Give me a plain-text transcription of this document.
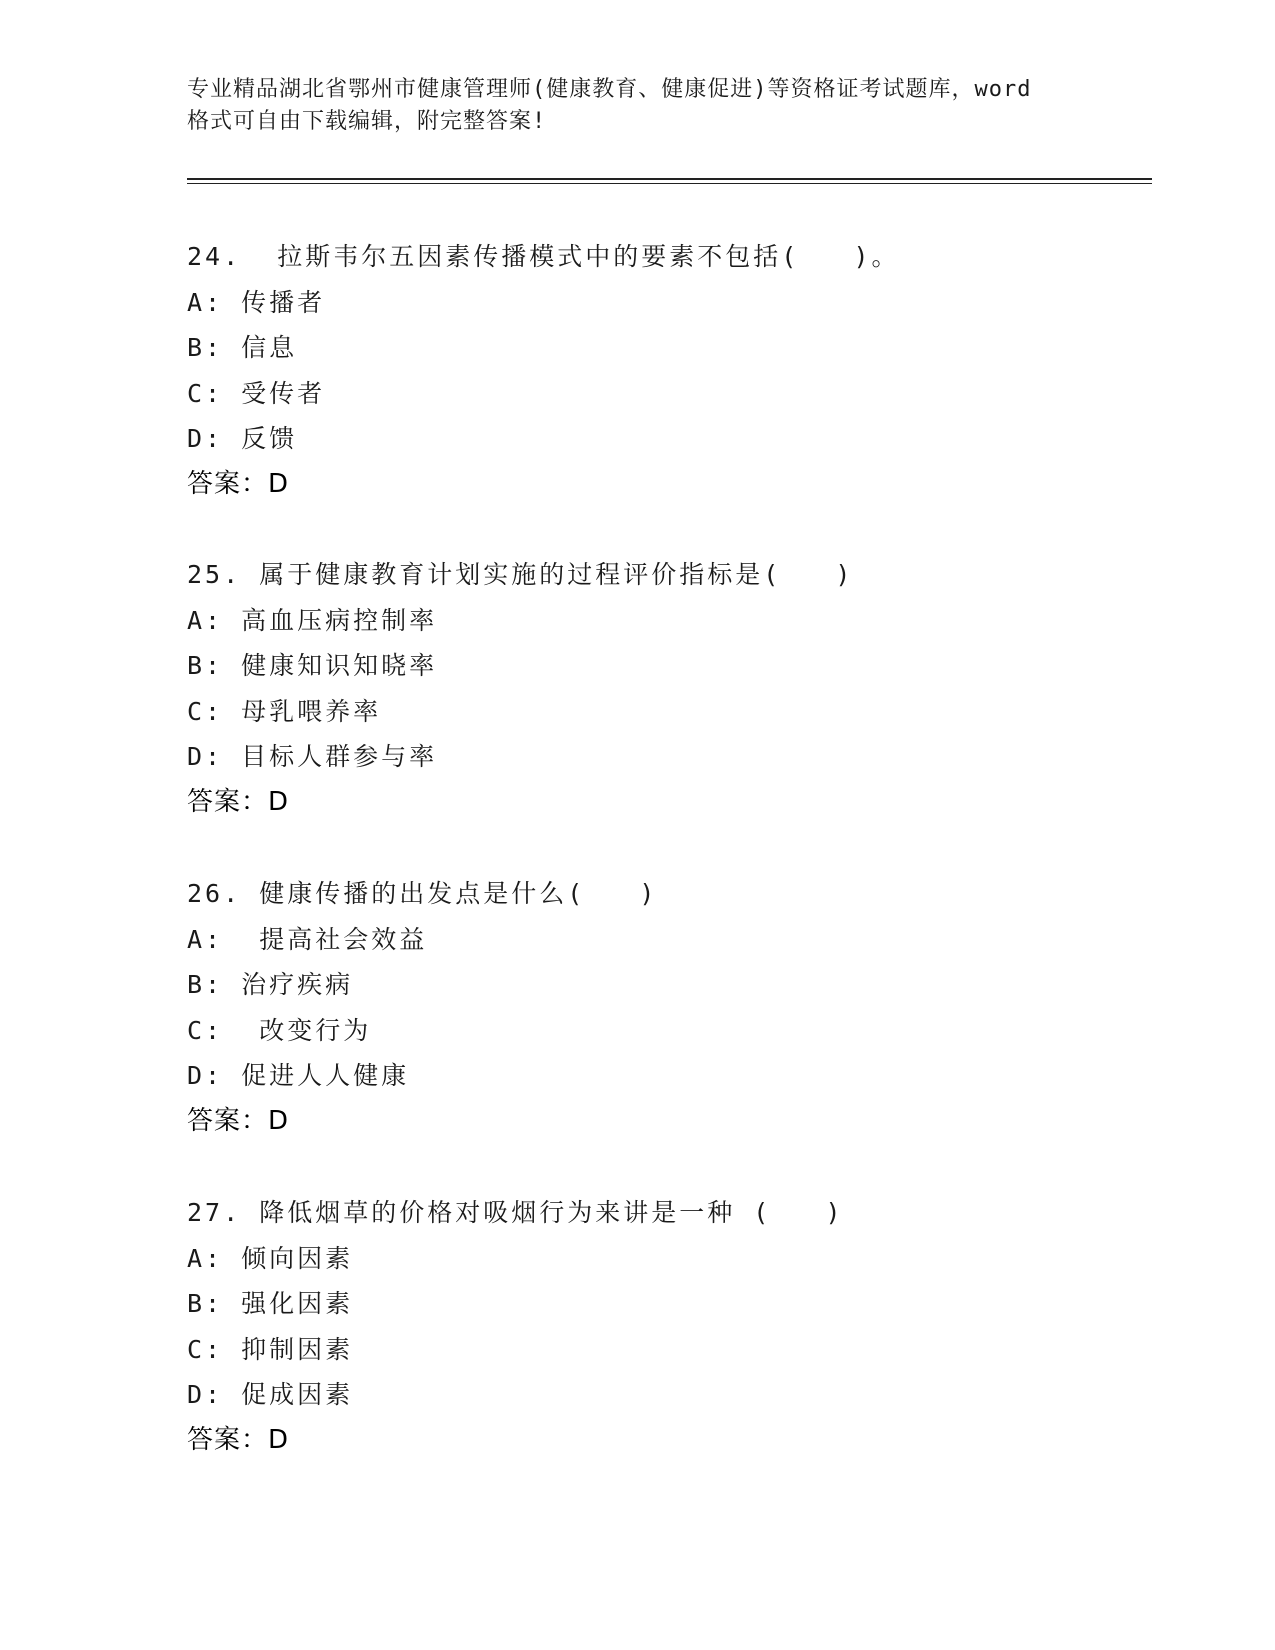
专业精品湖北省鄂州市健康管理师(健康教育、健康促进)等资格证考试题库，word
格式可自由下载编辑，附完整答案!
24.  拉斯韦尔五因素传播模式中的要素不包括(   )。
A: 传播者
B: 信息
C: 受传者
D: 反馈
答案：D
25. 属于健康教育计划实施的过程评价指标是(   )
A: 高血压病控制率
B: 健康知识知晓率
C: 母乳喂养率
D: 目标人群参与率
答案：D
26. 健康传播的出发点是什么(   )
A:  提高社会效益
B: 治疗疾病
C:  改变行为
D: 促进人人健康
答案：D
27. 降低烟草的价格对吸烟行为来讲是一种 (   )
A: 倾向因素
B: 强化因素
C: 抑制因素
D: 促成因素
答案：D
